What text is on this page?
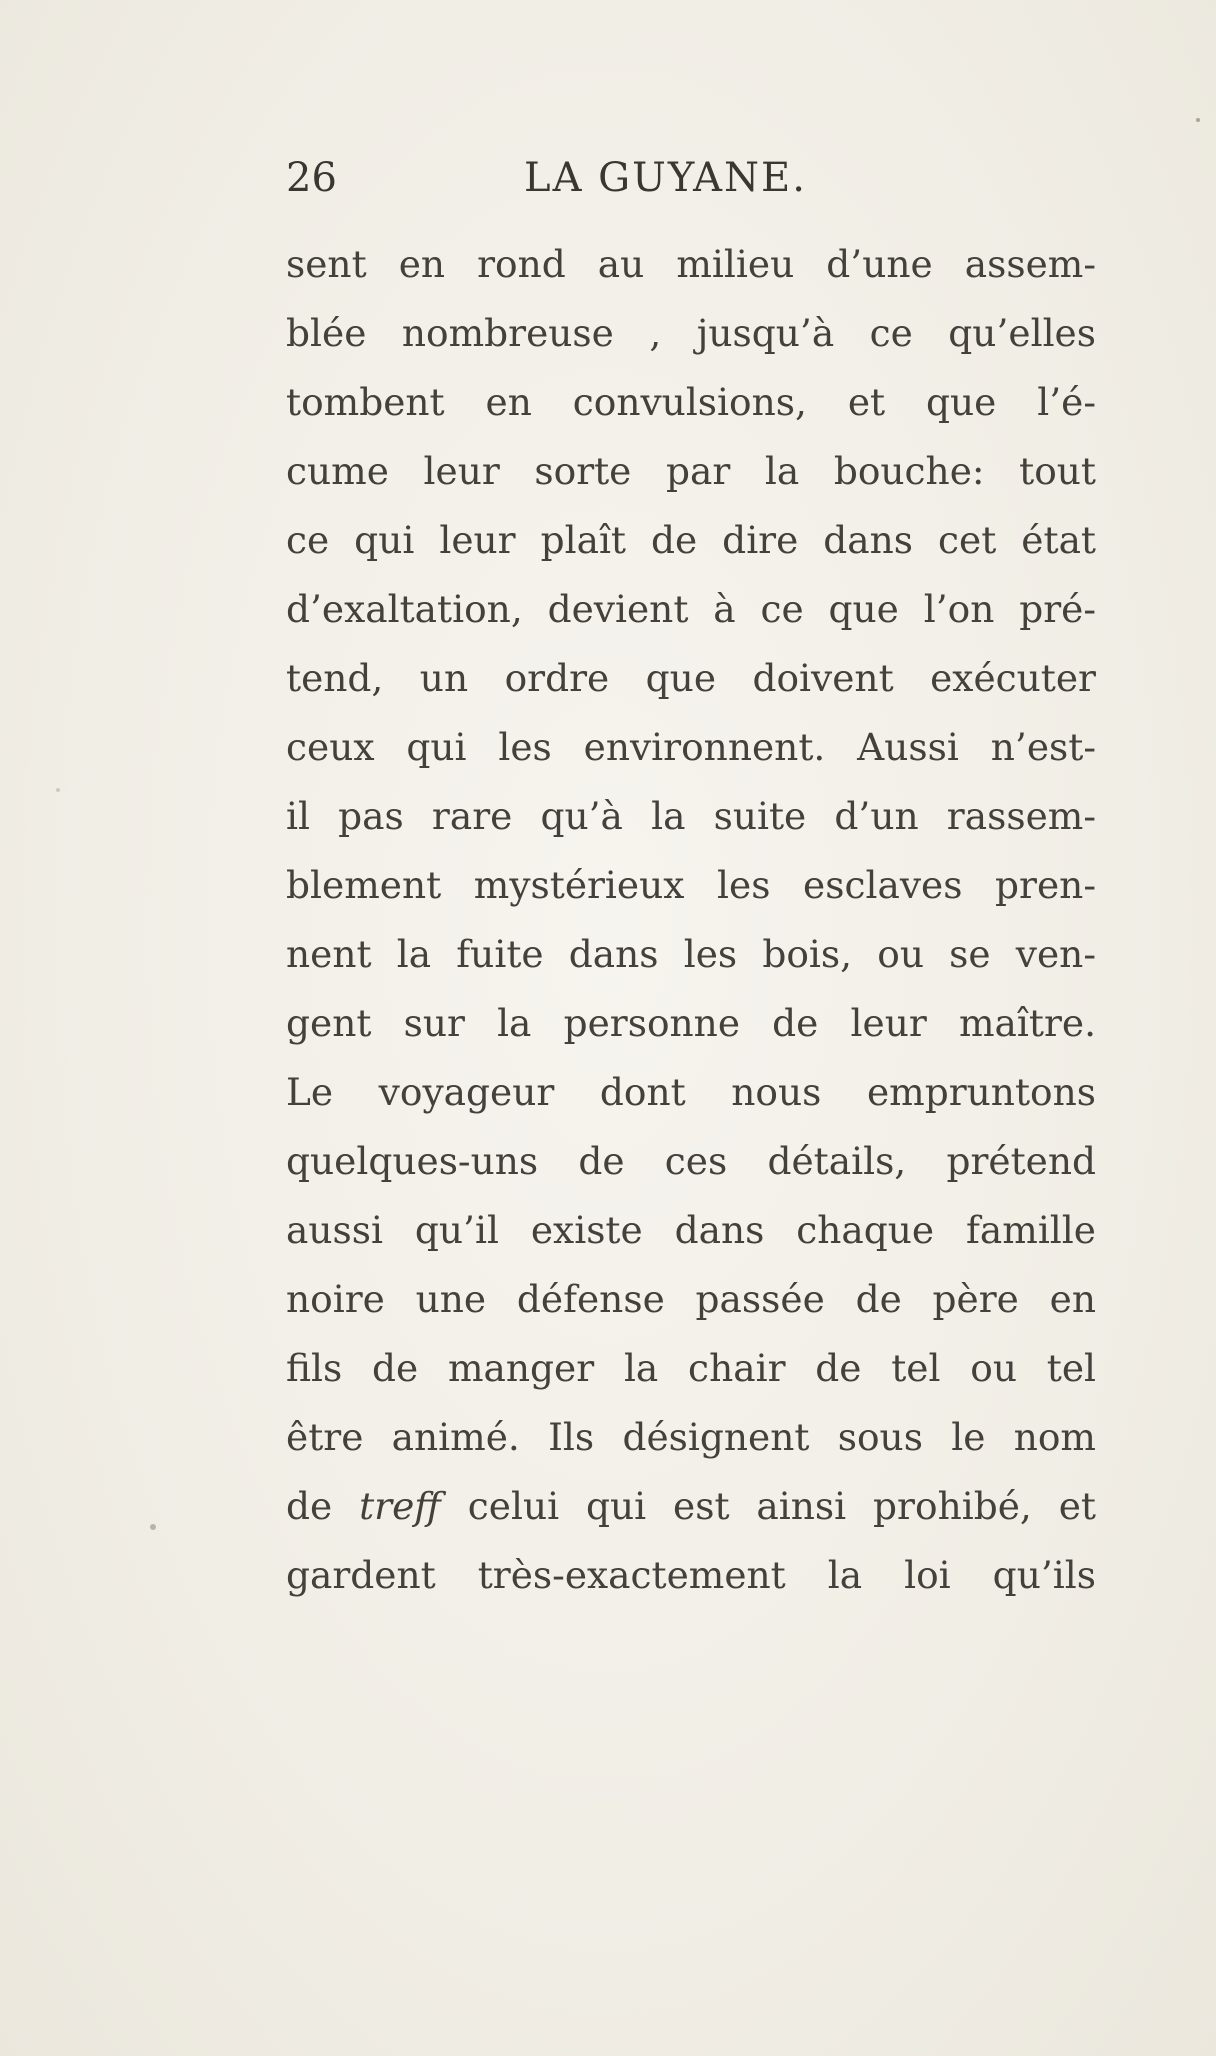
26	LA GUYANE.
sent en rond au milieu d’une assem-
blée nombreuse , jusqu’à ce qu’elles
tombent en convulsions, et que l’é-
cume leur sorte par la bouche: tout
ce qui leur plaît de dire dans cet état
d’exaltation, devient à ce que l’on pré-
tend, un ordre que doivent exécuter
ceux qui les environnent. Aussi n’est-
il pas rare qu’à la suite d’un rassem-
blement mystérieux les esclaves pren-
nent la fuite dans les bois, ou se ven-
gent sur la personne de leur maître.
Le voyageur dont nous empruntons
quelques-uns de ces détails, prétend
aussi qu’il existe dans chaque famille
noire une défense passée de père en
fils de manger la chair de tel ou tel
être animé. Ils désignent sous le nom
de treff celui qui est ainsi prohibé, et
gardent très-exactement la loi qu’ils
